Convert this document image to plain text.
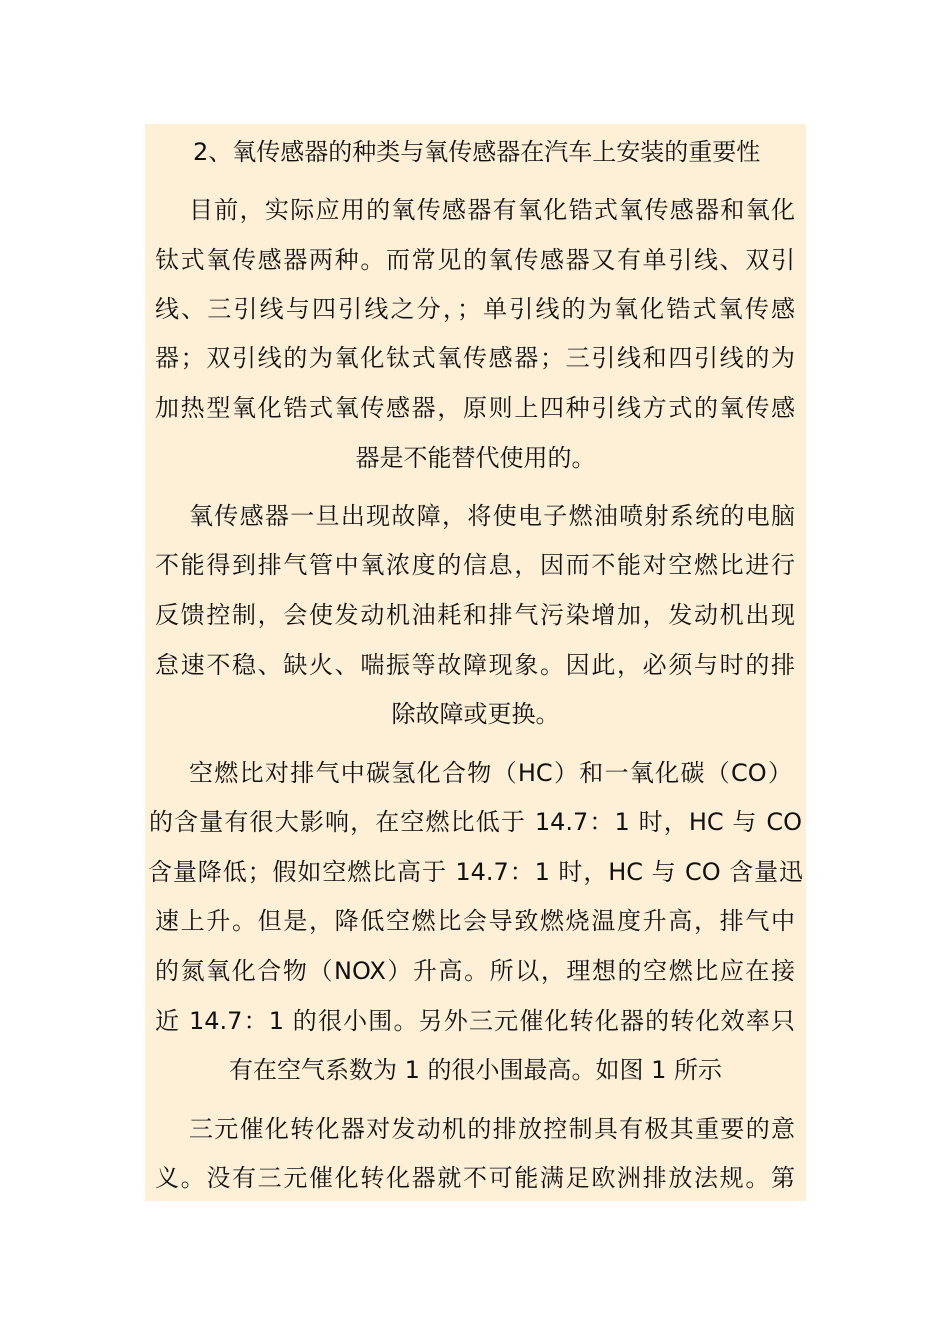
2、氧传感器的种类与氧传感器在汽车上安装的重要性
目前，实际应用的氧传感器有氧化锆式氧传感器和氧化
钛式氧传感器两种。而常见的氧传感器又有单引线、双引
线、三引线与四引线之分，；单引线的为氧化锆式氧传感
器；双引线的为氧化钛式氧传感器；三引线和四引线的为
加热型氧化锆式氧传感器，原则上四种引线方式的氧传感
器是不能替代使用的。
氧传感器一旦出现故障，将使电子燃油喷射系统的电脑
不能得到排气管中氧浓度的信息，因而不能对空燃比进行
反馈控制，会使发动机油耗和排气污染增加，发动机出现
怠速不稳、缺火、喘振等故障现象。因此，必须与时的排
除故障或更换。
空燃比对排气中碳氢化合物（HC）和一氧化碳（CO）
的含量有很大影响，在空燃比低于 14.7：1 时，HC 与 CO
含量降低；假如空燃比高于 14.7：1 时，HC 与 CO 含量迅
速上升。但是，降低空燃比会导致燃烧温度升高，排气中
的氮氧化合物（NOX）升高。所以，理想的空燃比应在接
近 14.7：1 的很小围。另外三元催化转化器的转化效率只
有在空气系数为 1 的很小围最高。如图 1 所示
三元催化转化器对发动机的排放控制具有极其重要的意
义。没有三元催化转化器就不可能满足欧洲排放法规。第
